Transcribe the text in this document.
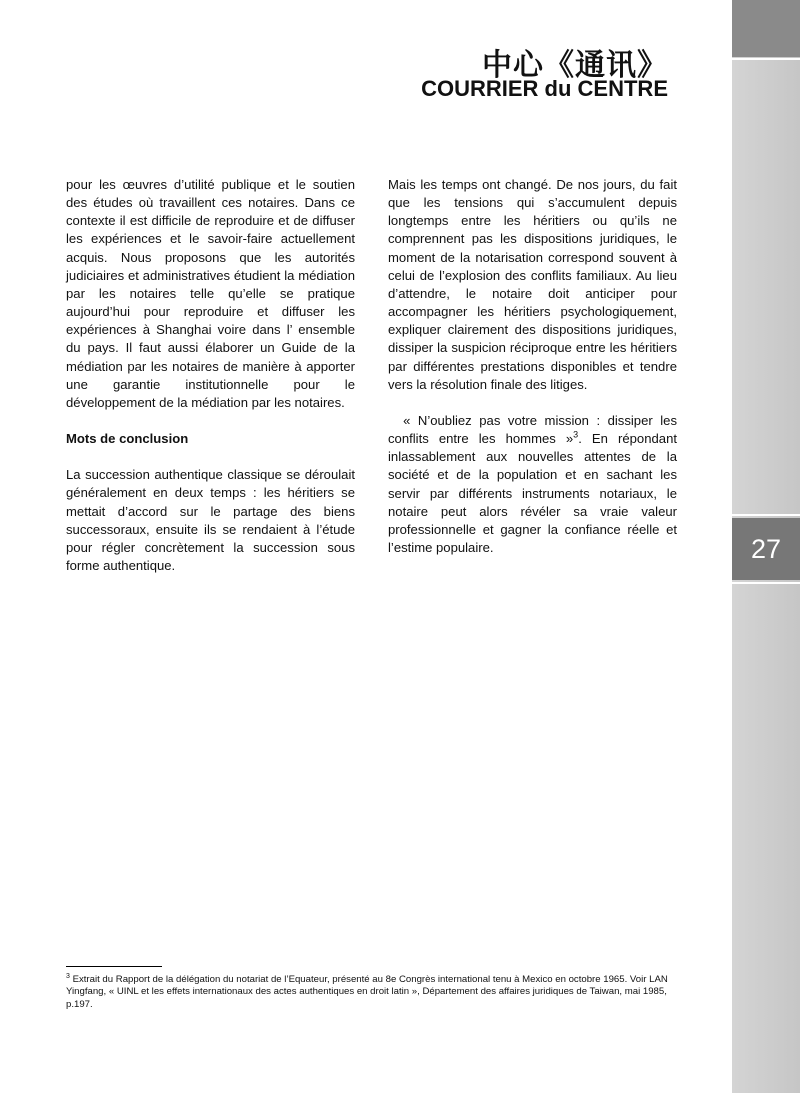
27
中心《通讯》
COURRIER du CENTRE

pour les œuvres d’utilité publique et le soutien des études où travaillent ces notaires. Dans ce contexte il est difficile de reproduire et de diffuser les expériences et le savoir-faire actuellement acquis. Nous proposons que les autorités judiciaires et administratives étudient la médiation par les notaires telle qu’elle se pratique aujourd’hui pour reproduire et diffuser les expériences à Shanghai voire dans l’ ensemble du pays. Il faut aussi élaborer un Guide de la médiation par les notaires de manière à apporter une garantie institutionnelle pour le développement de la médiation par les notaires.

Mots de conclusion

La succession authentique classique se déroulait généralement en deux temps : les héritiers se mettait d’accord sur le partage des biens successoraux, ensuite ils se rendaient à l’étude pour régler concrètement la succession sous forme authentique.

Mais les temps ont changé. De nos jours, du fait que les tensions qui s’accumulent depuis longtemps entre les héritiers ou qu’ils ne comprennent pas les dispositions juridiques, le moment de la notarisation correspond souvent à celui de l’explosion des conflits familiaux. Au lieu d’attendre, le notaire doit anticiper pour accompagner les héritiers psychologiquement, expliquer clairement des dispositions juridiques, dissiper la suspicion réciproque entre les héritiers par différentes prestations disponibles et tendre vers la résolution finale des litiges.

« N’oubliez pas votre mission : dissiper les conflits entre les hommes »$^3$. En répondant inlassablement aux nouvelles attentes de la société et de la population et en sachant les servir par différents instruments notariaux, le notaire peut alors révéler sa vraie valeur professionnelle et gagner la confiance réelle et l’estime populaire.

$^3$ Extrait du Rapport de la délégation du notariat de l’Equateur, présenté au 8e Congrès international tenu à Mexico en octobre 1965. Voir LAN Yingfang, « UINL et les effets internationaux des actes authentiques en droit latin », Département des affaires juridiques de Taiwan, mai 1985, p.197.
